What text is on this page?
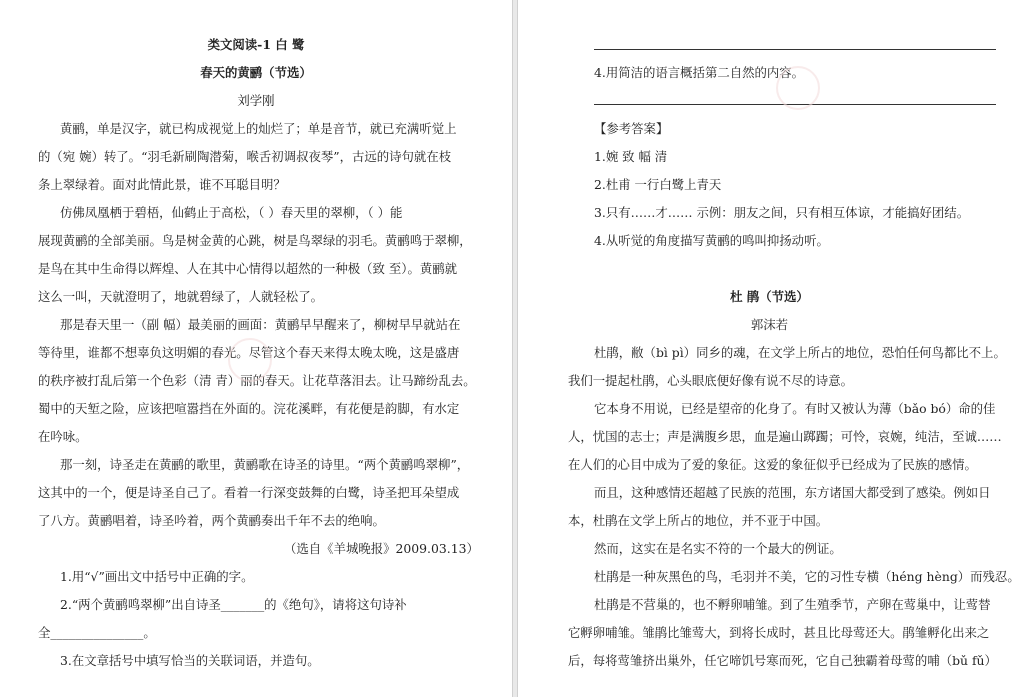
类文阅读-1 白 鹭
春天的黄鹂（节选）
刘学刚
黄鹂，单是汉字，就已构成视觉上的灿烂了；单是音节，就已充满听觉上
的（宛 婉）转了。“羽毛新刷陶潜菊，喉舌初调叔夜琴”，古远的诗句就在枝
条上翠绿着。面对此情此景，谁不耳聪目明？
仿佛凤凰栖于碧梧，仙鹤止于高松，（ ）春天里的翠柳，（ ）能
展现黄鹂的全部美丽。鸟是树金黄的心跳，树是鸟翠绿的羽毛。黄鹂鸣于翠柳，
是鸟在其中生命得以辉煌、人在其中心情得以超然的一种极（致 至）。黄鹂就
这么一叫，天就澄明了，地就碧绿了，人就轻松了。
那是春天里一（副 幅）最美丽的画面：黄鹂早早醒来了，柳树早早就站在
等待里，谁都不想辜负这明媚的春光。尽管这个春天来得太晚太晚，这是盛唐
的秩序被打乱后第一个色彩（清 青）丽的春天。让花草落泪去。让马蹄纷乱去。
蜀中的天堑之险，应该把喧嚣挡在外面的。浣花溪畔，有花便是韵脚，有水定
在吟咏。
那一刻，诗圣走在黄鹂的歌里，黄鹂歌在诗圣的诗里。“两个黄鹂鸣翠柳”，
这其中的一个，便是诗圣自己了。看着一行深变鼓舞的白鹭，诗圣把耳朵望成
了八方。黄鹂唱着，诗圣吟着，两个黄鹂奏出千年不去的绝响。
（选自《羊城晚报》2009.03.13）
1.用“√”画出文中括号中正确的字。
2.“两个黄鹂鸣翠柳”出自诗圣_______的《绝句》，请将这句诗补
全_______________。
3.在文章括号中填写恰当的关联词语，并造句。
4.用简洁的语言概括第二自然的内容。
【参考答案】
1.婉 致 幅 清
2.杜甫 一行白鹭上青天
3.只有……才…… 示例：朋友之间，只有相互体谅，才能搞好团结。
4.从听觉的角度描写黄鹂的鸣叫抑扬动听。
杜 鹃（节选）
郭沫若
杜鹃，敝（bì pì）同乡的魂，在文学上所占的地位，恐怕任何鸟都比不上。
我们一提起杜鹃，心头眼底便好像有说不尽的诗意。
它本身不用说，已经是望帝的化身了。有时又被认为薄（bǎo bó）命的佳
人，忧国的志士；声是满腹乡思，血是遍山踯躅；可怜，哀婉，纯洁，至诚……
在人们的心目中成为了爱的象征。这爱的象征似乎已经成为了民族的感情。
而且，这种感情还超越了民族的范围，东方诸国大都受到了感染。例如日
本，杜鹃在文学上所占的地位，并不亚于中国。
然而，这实在是名实不符的一个最大的例证。
杜鹃是一种灰黑色的鸟，毛羽并不美，它的习性专横（héng hèng）而残忍。
杜鹃是不营巢的，也不孵卵哺雏。到了生殖季节，产卵在莺巢中，让莺替
它孵卵哺雏。雏鹃比雏莺大，到将长成时，甚且比母莺还大。鹃雏孵化出来之
后，每将莺雏挤出巢外，任它啼饥号寒而死，它自己独霸着母莺的哺（bǔ fǔ）
